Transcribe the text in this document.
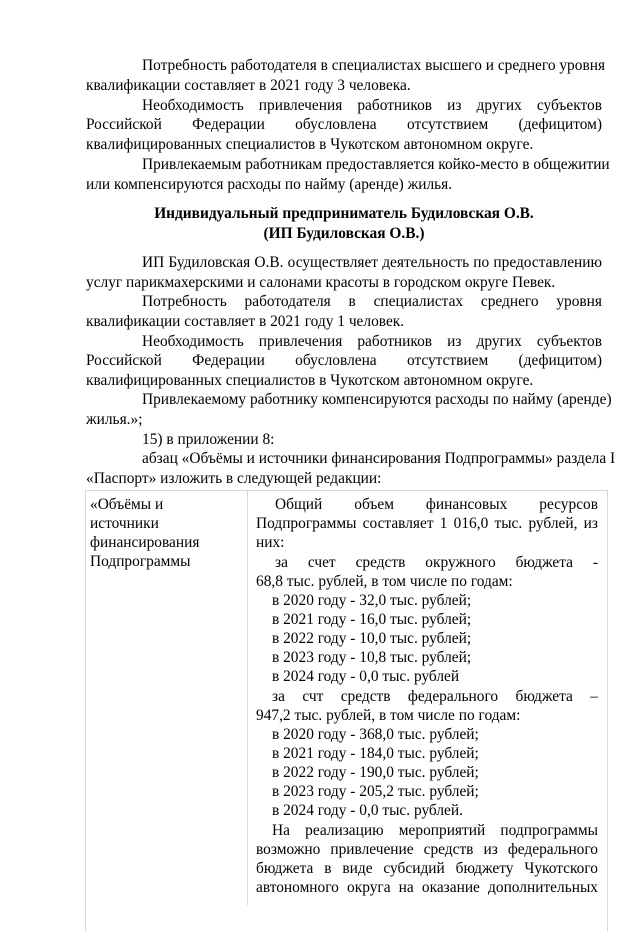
Потребность работодателя в специалистах высшего и среднего уровня
квалификации составляет в 2021 году 3 человека.
Необходимость привлечения работников из других субъектов
Российской Федерации обусловлена отсутствием (дефицитом)
квалифицированных специалистов в Чукотском автономном округе.
Привлекаемым работникам предоставляется койко-место в общежитии
или компенсируются расходы по найму (аренде) жилья.
Индивидуальный предприниматель Будиловская О.В.
(ИП Будиловская О.В.)
ИП Будиловская О.В. осуществляет деятельность по предоставлению
услуг парикмахерскими и салонами красоты в городском округе Певек.
Потребность работодателя в специалистах среднего уровня
квалификации составляет в 2021 году 1 человек.
Необходимость привлечения работников из других субъектов
Российской Федерации обусловлена отсутствием (дефицитом)
квалифицированных специалистов в Чукотском автономном округе.
Привлекаемому работнику компенсируются расходы по найму (аренде)
жилья.»;
15) в приложении 8:
абзац «Объёмы и источники финансирования Подпрограммы» раздела I
«Паспорт» изложить в следующей редакции:
«Объёмы и
источники
финансирования
Подпрограммы
Общий объем финансовых ресурсов
Подпрограммы составляет 1 016,0 тыс. рублей, из
них:
за счет средств окружного бюджета -
68,8 тыс. рублей, в том числе по годам:
в 2020 году - 32,0 тыс. рублей;
в 2021 году - 16,0 тыс. рублей;
в 2022 году - 10,0 тыс. рублей;
в 2023 году - 10,8 тыс. рублей;
в 2024 году - 0,0 тыс. рублей
за счт средств федерального бюджета –
947,2 тыс. рублей, в том числе по годам:
в 2020 году - 368,0 тыс. рублей;
в 2021 году - 184,0 тыс. рублей;
в 2022 году - 190,0 тыс. рублей;
в 2023 году - 205,2 тыс. рублей;
в 2024 году - 0,0 тыс. рублей.
На реализацию мероприятий подпрограммы
возможно привлечение средств из федерального
бюджета в виде субсидий бюджету Чукотского
автономного округа на оказание дополнительных
